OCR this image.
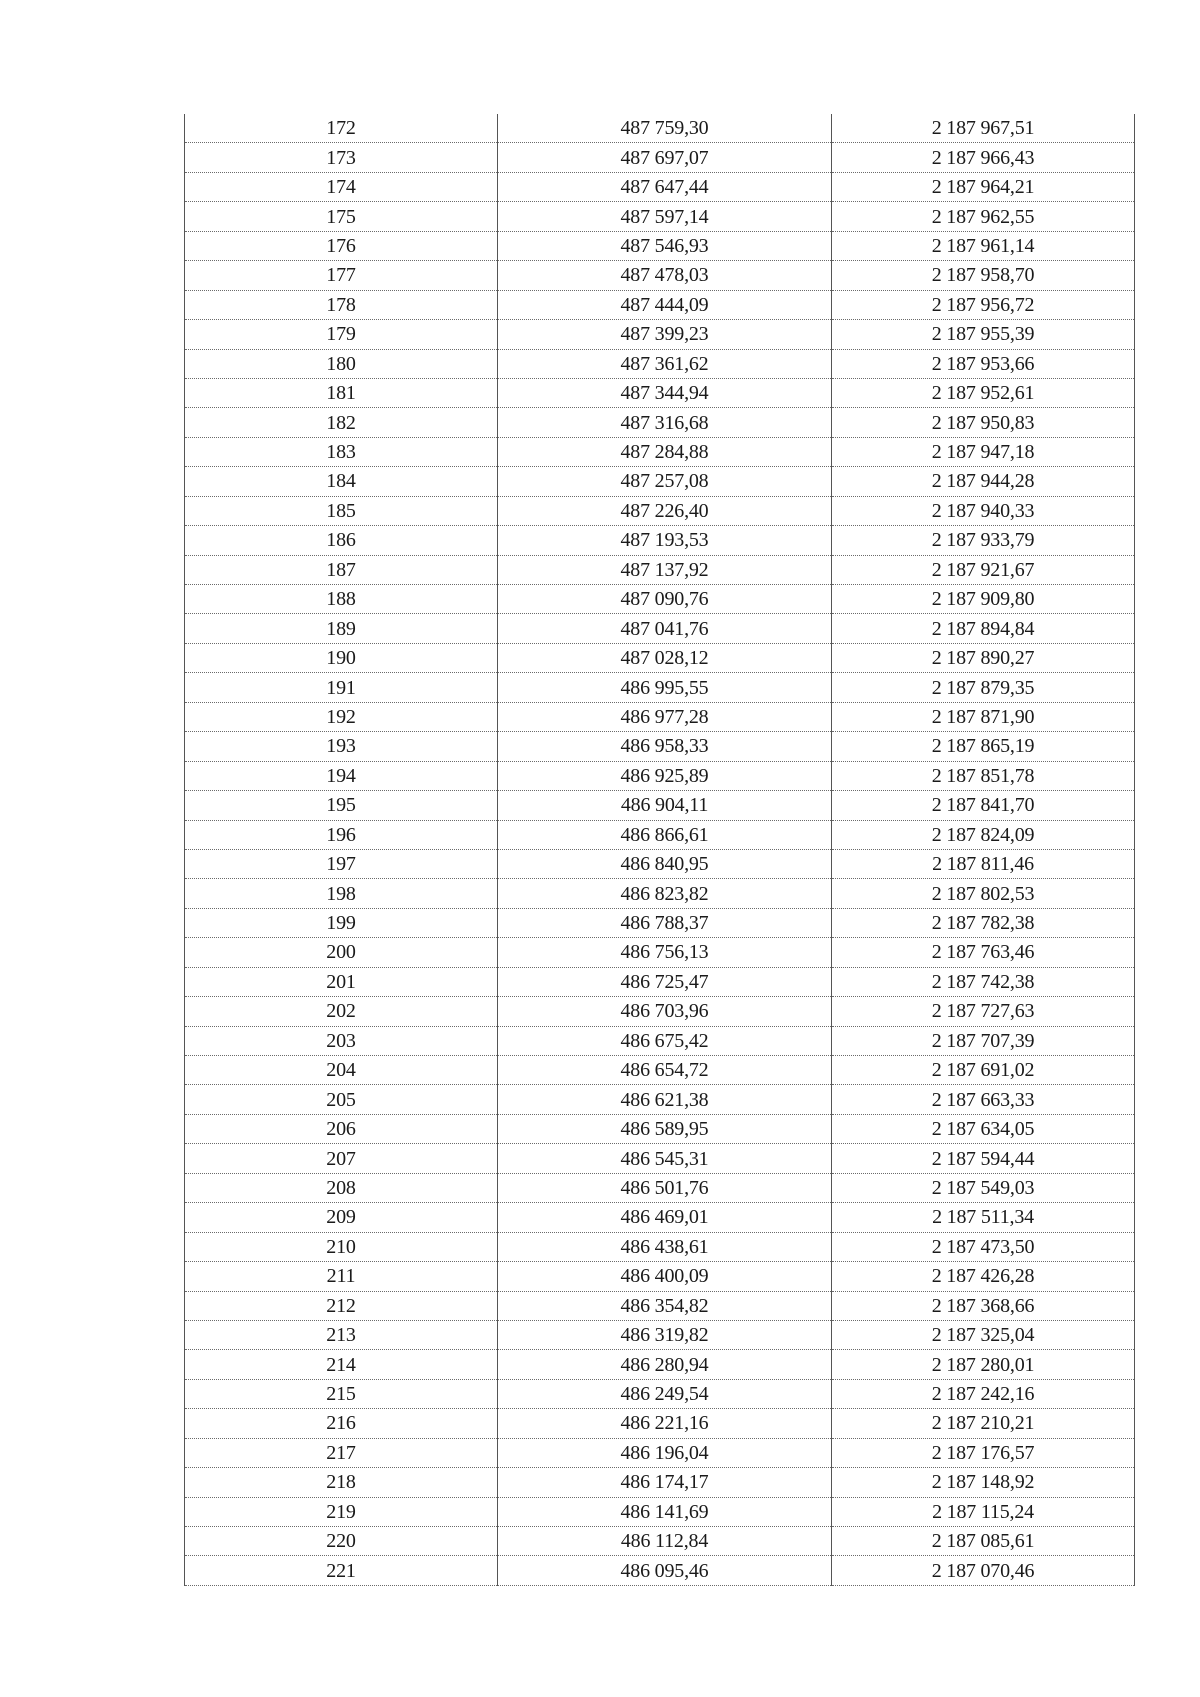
172	487 759,30	2 187 967,51
173	487 697,07	2 187 966,43
174	487 647,44	2 187 964,21
175	487 597,14	2 187 962,55
176	487 546,93	2 187 961,14
177	487 478,03	2 187 958,70
178	487 444,09	2 187 956,72
179	487 399,23	2 187 955,39
180	487 361,62	2 187 953,66
181	487 344,94	2 187 952,61
182	487 316,68	2 187 950,83
183	487 284,88	2 187 947,18
184	487 257,08	2 187 944,28
185	487 226,40	2 187 940,33
186	487 193,53	2 187 933,79
187	487 137,92	2 187 921,67
188	487 090,76	2 187 909,80
189	487 041,76	2 187 894,84
190	487 028,12	2 187 890,27
191	486 995,55	2 187 879,35
192	486 977,28	2 187 871,90
193	486 958,33	2 187 865,19
194	486 925,89	2 187 851,78
195	486 904,11	2 187 841,70
196	486 866,61	2 187 824,09
197	486 840,95	2 187 811,46
198	486 823,82	2 187 802,53
199	486 788,37	2 187 782,38
200	486 756,13	2 187 763,46
201	486 725,47	2 187 742,38
202	486 703,96	2 187 727,63
203	486 675,42	2 187 707,39
204	486 654,72	2 187 691,02
205	486 621,38	2 187 663,33
206	486 589,95	2 187 634,05
207	486 545,31	2 187 594,44
208	486 501,76	2 187 549,03
209	486 469,01	2 187 511,34
210	486 438,61	2 187 473,50
211	486 400,09	2 187 426,28
212	486 354,82	2 187 368,66
213	486 319,82	2 187 325,04
214	486 280,94	2 187 280,01
215	486 249,54	2 187 242,16
216	486 221,16	2 187 210,21
217	486 196,04	2 187 176,57
218	486 174,17	2 187 148,92
219	486 141,69	2 187 115,24
220	486 112,84	2 187 085,61
221	486 095,46	2 187 070,46
